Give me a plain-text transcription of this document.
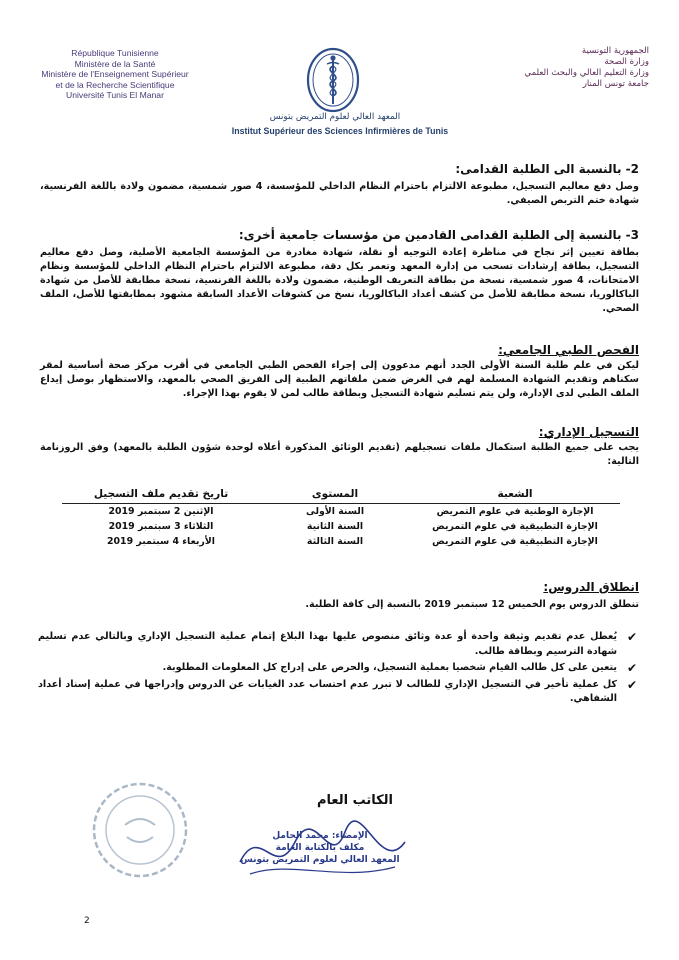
République Tunisienne
Ministère de la Santé
Ministère de l'Enseignement Supérieur
et de la Recherche Scientifique
Université Tunis El Manar
الجمهورية التونسية
وزارة الصحة
وزارة التعليم العالي والبحث العلمي
جامعة تونس المنار
المعهد العالي لعلوم التمريض بتونس
Institut Supérieur des Sciences Infirmières de Tunis
2- بالنسبة الى الطلبة القدامى:
وصل دفع معاليم التسجيل، مطبوعة الالتزام باحترام النظام الداخلي للمؤسسة، 4 صور شمسية، مضمون ولادة باللغة الفرنسية، شهادة ختم التربص الصيفي.
3- بالنسبة إلى الطلبة القدامى القادمين من مؤسسات جامعية أخرى:
بطاقة تعيين إثر نجاح في مناظرة إعادة التوجيه أو نقلة، شهادة مغادرة من المؤسسة الجامعية الأصلية، وصل دفع معاليم التسجيل، بطاقة إرشادات تسحب من إدارة المعهد وتعمر بكل دقة، مطبوعة الالتزام باحترام النظام الداخلي للمؤسسة ونظام الامتحانات، 4 صور شمسية، نسخة من بطاقة التعريف الوطنية، مضمون ولادة باللغة الفرنسية، نسخة مطابقة للأصل من شهادة الباكالوريا، نسخة مطابقة للأصل من كشف أعداد الباكالوريا، نسخ من كشوفات الأعداد السابقة مشهود بمطابقتها للأصل، الملف الصحي.
الفحص الطبي الجامعي:
ليكن في علم طلبة السنة الأولى الجدد أنهم مدعوون إلى إجراء الفحص الطبي الجامعي في أقرب مركز صحة أساسية لمقر سكناهم وتقديم الشهادة المسلمة لهم في الغرض ضمن ملفاتهم الطبية إلى الفريق الصحي بالمعهد، والاستظهار بوصل إيداع الملف الطبي لدى الإدارة، ولن يتم تسليم شهادة التسجيل وبطاقة طالب لمن لا يقوم بهذا الإجراء.
التسجيل الإداري:
يجب على جميع الطلبة استكمال ملفات تسجيلهم (تقديم الوثائق المذكورة أعلاه لوحدة شؤون الطلبة بالمعهد) وفق الروزنامة التالية:
الشعبة	المستوى	تاريخ تقديم ملف التسجيل
الإجازة الوطنية في علوم التمريض	السنة الأولى	الإثنين 2 سبتمبر 2019
الإجازة التطبيقية في علوم التمريض	السنة الثانية	الثلاثاء 3 سبتمبر 2019
الإجازة التطبيقية في علوم التمريض	السنة الثالثة	الأربعاء 4 سبتمبر 2019
انطلاق الدروس:
تنطلق الدروس يوم الخميس 12 سبتمبر 2019 بالنسبة إلى كافة الطلبة.
✔
يُعطل عدم تقديم وثيقة واحدة أو عدة وثائق منصوص عليها بهذا البلاغ إتمام عملية التسجيل الإداري وبالتالي عدم تسليم شهادة الترسيم وبطاقة طالب.
✔
يتعين على كل طالب القيام شخصيا بعملية التسجيل، والحرص على إدراج كل المعلومات المطلوبة.
✔
كل عملية تأخير في التسجيل الإداري للطالب لا تبرر عدم احتساب عدد الغيابات عن الدروس وإدراجها في عملية إسناد أعداد الشفاهي.
الكاتب العام
الإمضاء: محمد الحامل
مكلف بالكتابة العامة
المعهد العالي لعلوم التمريض بتونس
2
